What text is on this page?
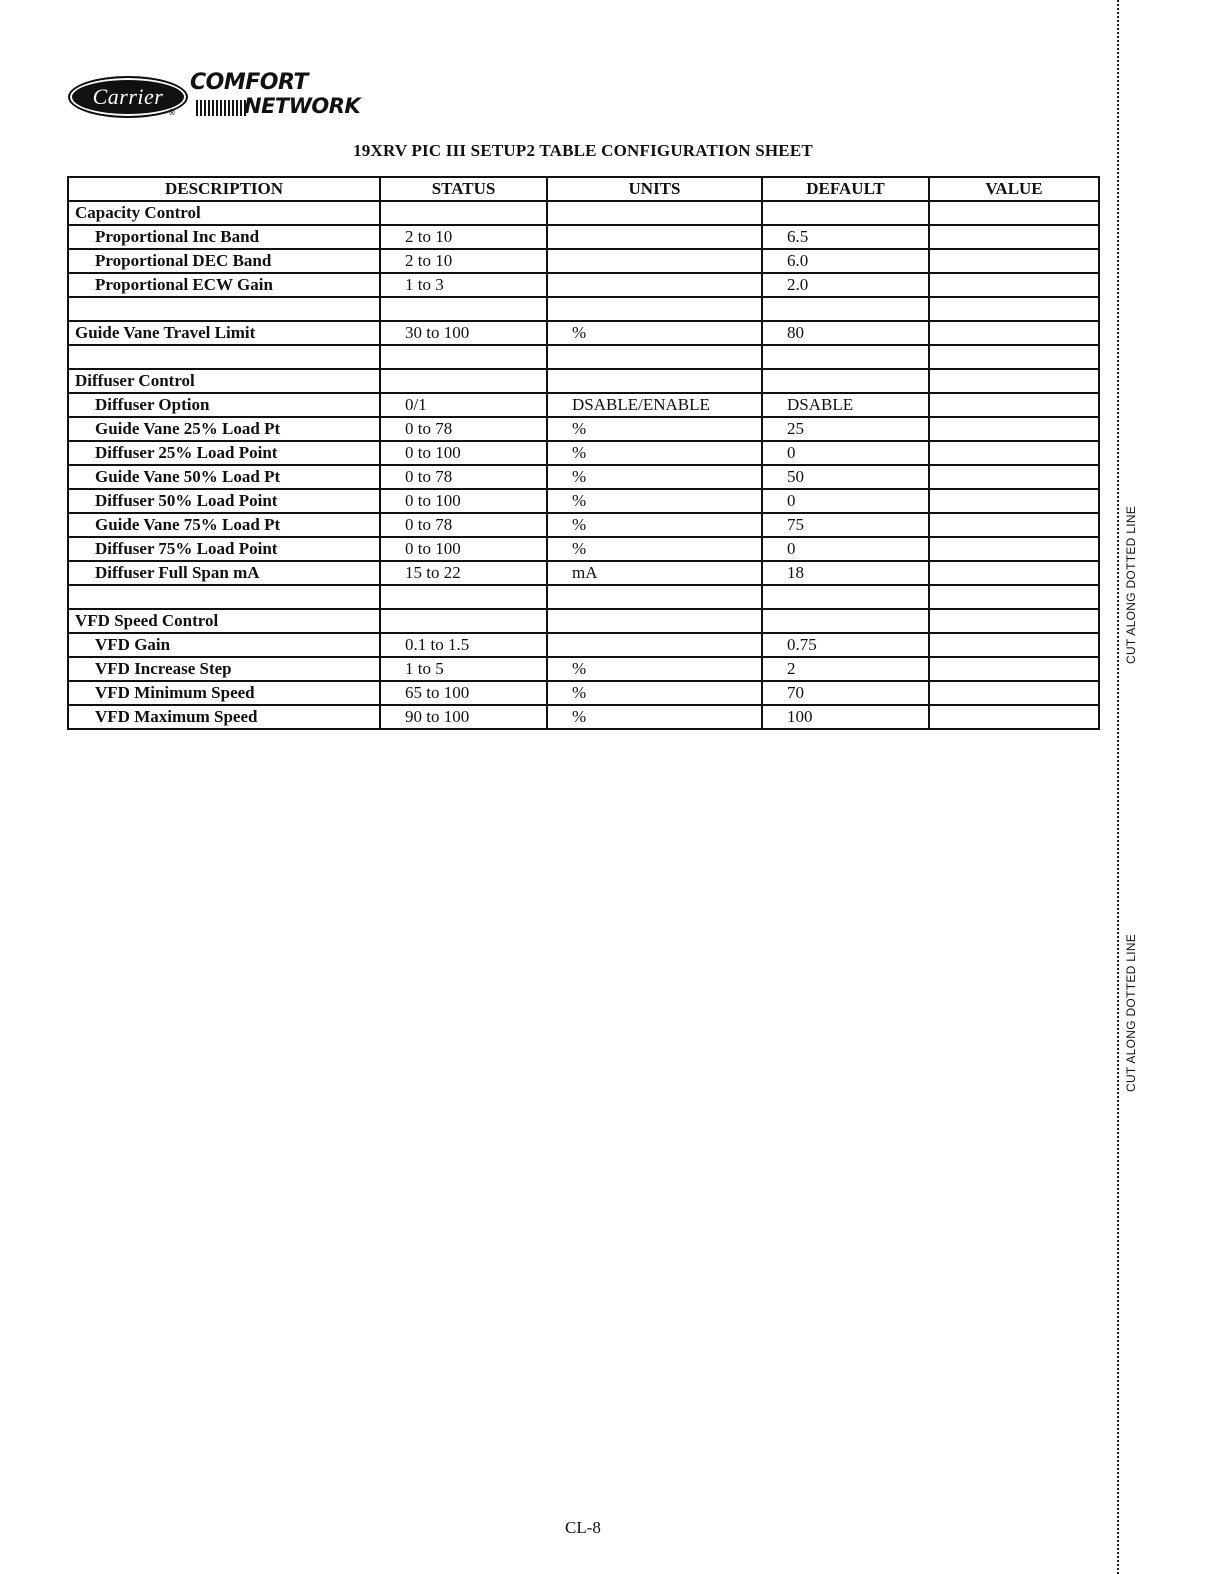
Carrier
®
COMFORT
NETWORK
19XRV PIC III SETUP2 TABLE CONFIGURATION SHEET
DESCRIPTION	STATUS	UNITS	DEFAULT	VALUE
Capacity Control				
Proportional Inc Band	2 to 10		6.5	
Proportional DEC Band	2 to 10		6.0	
Proportional ECW Gain	1 to 3		2.0	

Guide Vane Travel Limit	30 to 100	%	80	

Diffuser Control				
Diffuser Option	0/1	DSABLE/ENABLE	DSABLE	
Guide Vane 25% Load Pt	0 to 78	%	25	
Diffuser 25% Load Point	0 to 100	%	0	
Guide Vane 50% Load Pt	0 to 78	%	50	
Diffuser 50% Load Point	0 to 100	%	0	
Guide Vane 75% Load Pt	0 to 78	%	75	
Diffuser 75% Load Point	0 to 100	%	0	
Diffuser Full Span mA	15 to 22	mA	18	

VFD Speed Control				
VFD Gain	0.1 to 1.5		0.75	
VFD Increase Step	1 to 5	%	2	
VFD Minimum Speed	65 to 100	%	70	
VFD Maximum Speed	90 to 100	%	100	
CUT ALONG DOTTED LINE
CUT ALONG DOTTED LINE
CL-8
